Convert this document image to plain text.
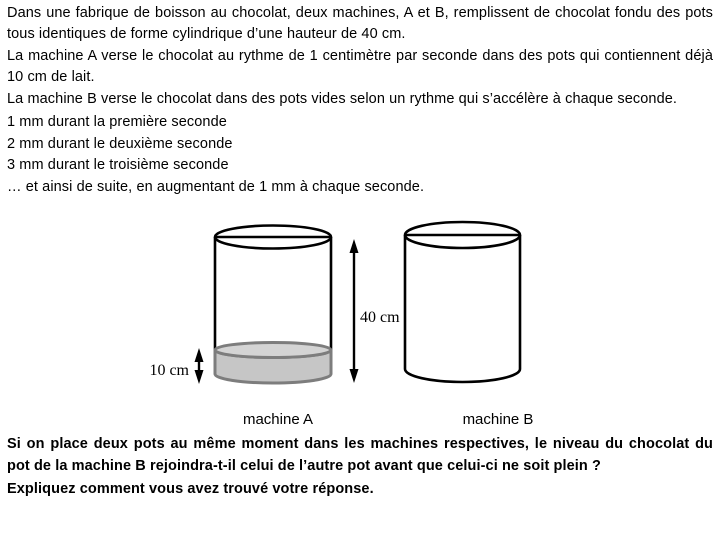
Dans une fabrique de boisson au chocolat, deux machines, A et B, remplissent de chocolat fondu des pots tous identiques de forme cylindrique d’une hauteur de 40 cm.

La machine A verse le chocolat au rythme de 1 centimètre par seconde dans des pots qui contiennent déjà 10 cm de lait.

La machine B verse le chocolat dans des pots vides selon un rythme qui s’accélère à chaque seconde.

1 mm durant la première seconde
2 mm durant le deuxième seconde
3 mm durant le troisième seconde
… et ainsi de suite, en augmentant de 1 mm à chaque seconde.
10 cm
40 cm
machine A	machine B

Si on place deux pots au même moment dans les machines respectives, le niveau du chocolat du pot de la machine B rejoindra-t-il celui de l’autre pot avant que celui-ci ne soit plein ?

Expliquez comment vous avez trouvé votre réponse.
